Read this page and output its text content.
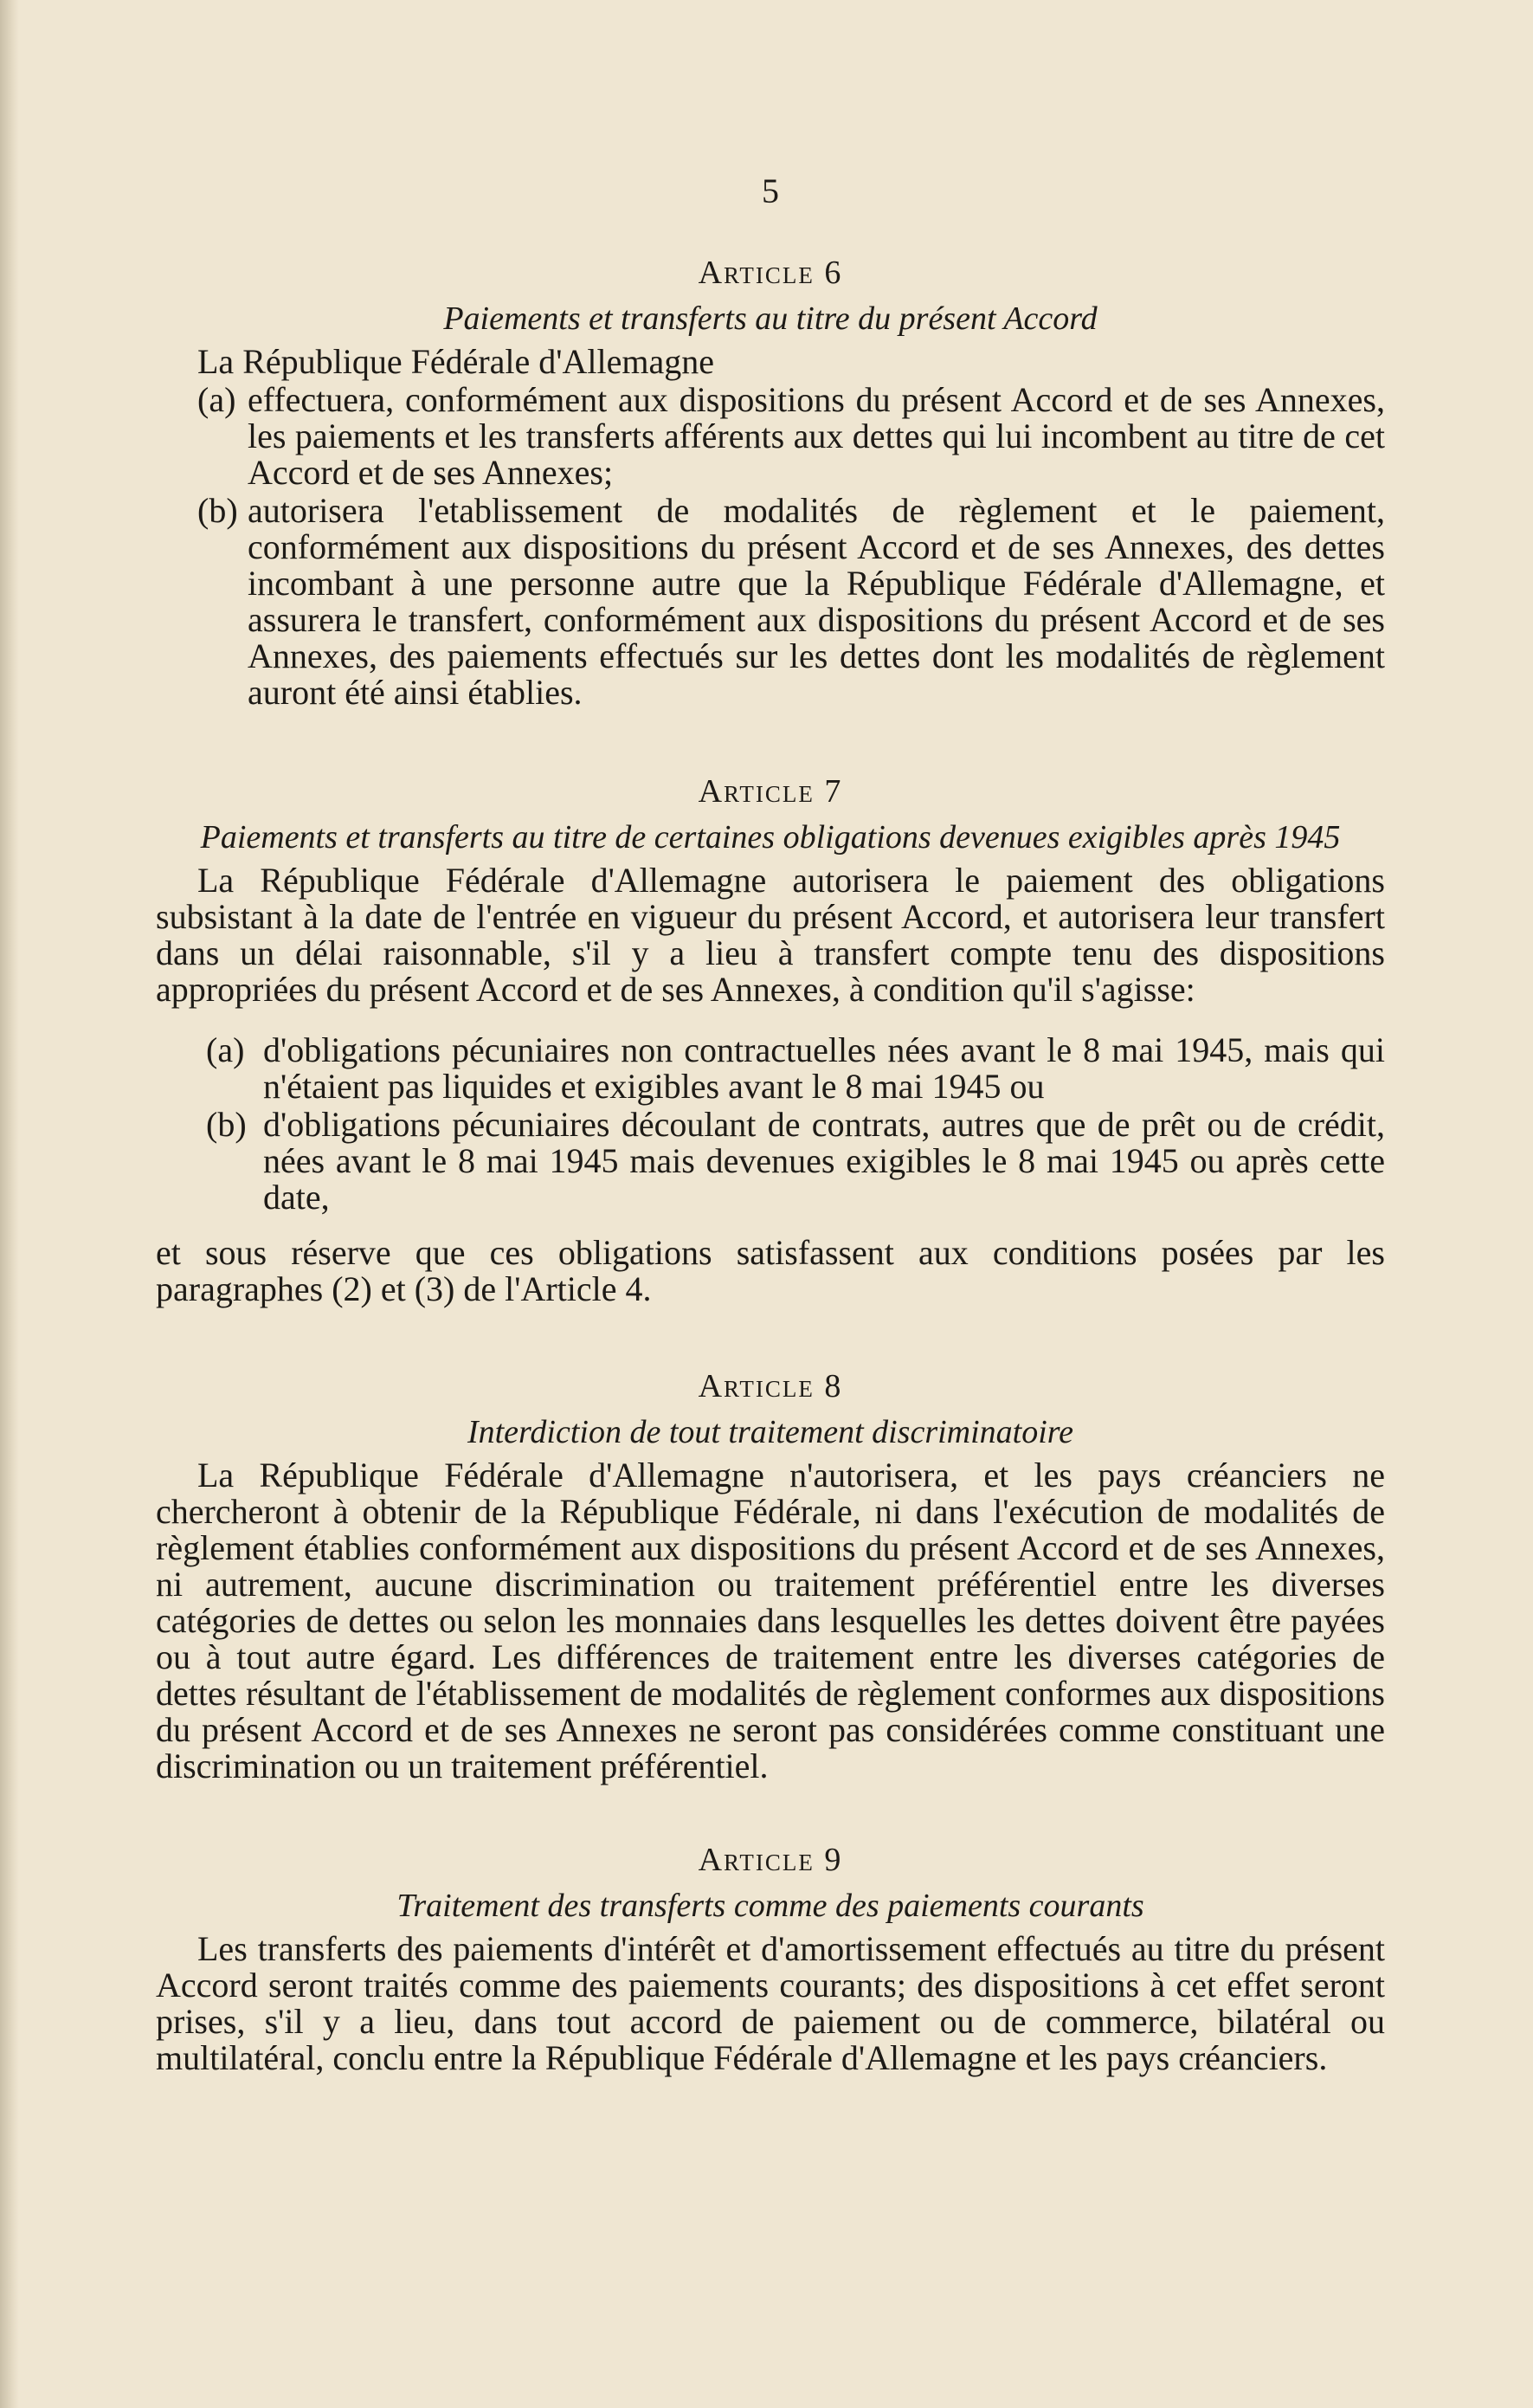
5
Article 6
Paiements et transferts au titre du présent Accord

La République Fédérale d'Allemagne

(a) effectuera, conformément aux dispositions du présent Accord et de ses Annexes, les paiements et les transferts afférents aux dettes qui lui incombent au titre de cet Accord et de ses Annexes;
(b) autorisera l'etablissement de modalités de règlement et le paiement, conformément aux dispositions du présent Accord et de ses Annexes, des dettes incombant à une personne autre que la République Fédérale d'Allemagne, et assurera le transfert, conformément aux dispositions du présent Accord et de ses Annexes, des paiements effectués sur les dettes dont les modalités de règlement auront été ainsi établies.
Article 7
Paiements et transferts au titre de certaines obligations devenues exigibles après 1945

La République Fédérale d'Allemagne autorisera le paiement des obligations subsistant à la date de l'entrée en vigueur du présent Accord, et autorisera leur transfert dans un délai raisonnable, s'il y a lieu à transfert compte tenu des dispositions appropriées du présent Accord et de ses Annexes, à condition qu'il s'agisse:

(a) d'obligations pécuniaires non contractuelles nées avant le 8 mai 1945, mais qui n'étaient pas liquides et exigibles avant le 8 mai 1945 ou
(b) d'obligations pécuniaires découlant de contrats, autres que de prêt ou de crédit, nées avant le 8 mai 1945 mais devenues exigibles le 8 mai 1945 ou après cette date,

et sous réserve que ces obligations satisfassent aux conditions posées par les paragraphes (2) et (3) de l'Article 4.

Article 8
Interdiction de tout traitement discriminatoire

La République Fédérale d'Allemagne n'autorisera, et les pays créanciers ne chercheront à obtenir de la République Fédérale, ni dans l'exécution de modalités de règlement établies conformément aux dispositions du présent Accord et de ses Annexes, ni autrement, aucune discrimination ou traitement préférentiel entre les diverses catégories de dettes ou selon les monnaies dans lesquelles les dettes doivent être payées ou à tout autre égard. Les différences de traitement entre les diverses catégories de dettes résultant de l'établissement de modalités de règlement conformes aux dispositions du présent Accord et de ses Annexes ne seront pas considérées comme constituant une discrimination ou un traitement préférentiel.

Article 9
Traitement des transferts comme des paiements courants

Les transferts des paiements d'intérêt et d'amortissement effectués au titre du présent Accord seront traités comme des paiements courants; des dispositions à cet effet seront prises, s'il y a lieu, dans tout accord de paiement ou de commerce, bilatéral ou multilatéral, conclu entre la République Fédérale d'Allemagne et les pays créanciers.
